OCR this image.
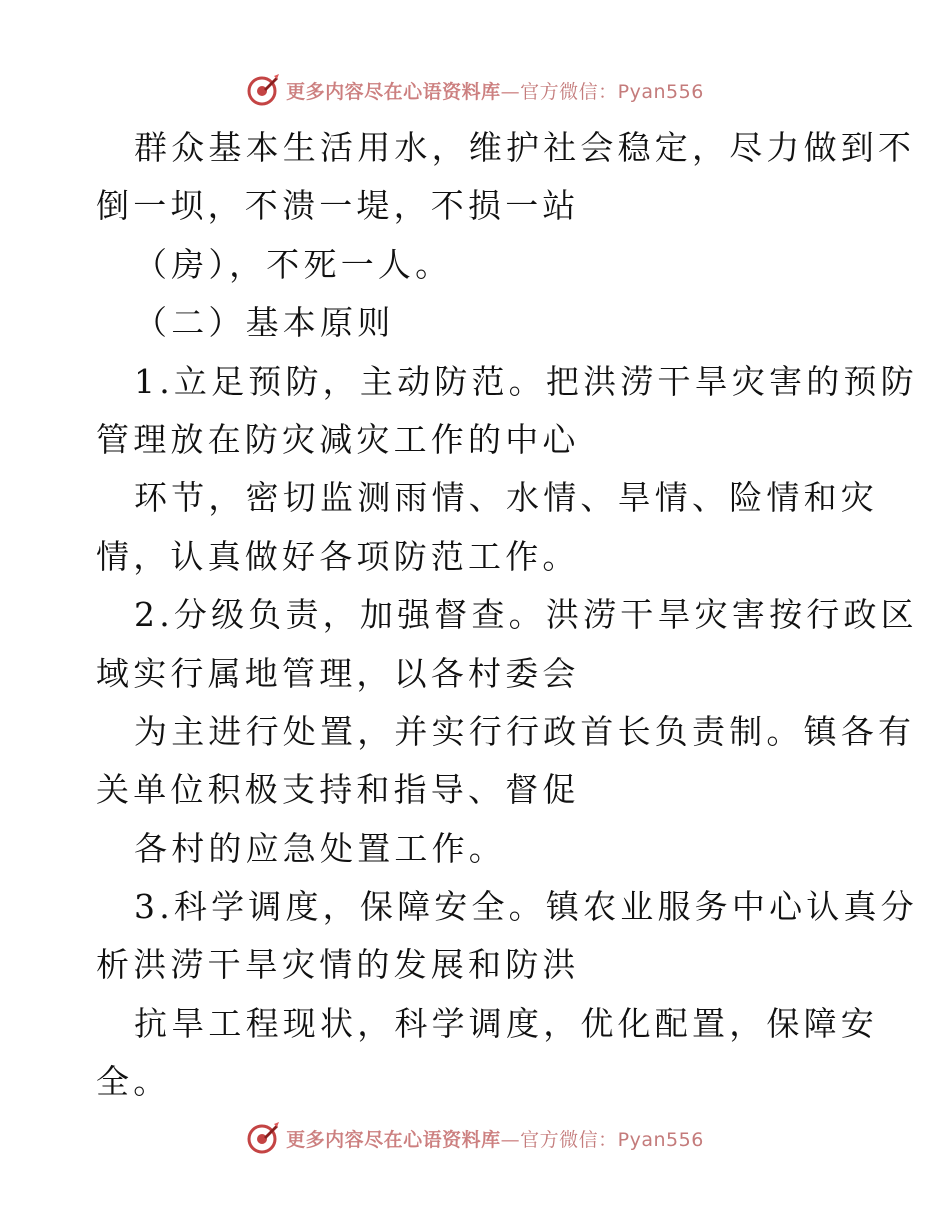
更多内容尽在心语资料库—官方微信：Pyan556
群众基本生活用水，维护社会稳定，尽力做到不
倒一坝，不溃一堤，不损一站
（房），不死一人。
（二）基本原则
1.立足预防，主动防范。把洪涝干旱灾害的预防
管理放在防灾减灾工作的中心
环节，密切监测雨情、水情、旱情、险情和灾
情，认真做好各项防范工作。
2.分级负责，加强督查。洪涝干旱灾害按行政区
域实行属地管理，以各村委会
为主进行处置，并实行行政首长负责制。镇各有
关单位积极支持和指导、督促
各村的应急处置工作。
3.科学调度，保障安全。镇农业服务中心认真分
析洪涝干旱灾情的发展和防洪
抗旱工程现状，科学调度，优化配置，保障安
全。
更多内容尽在心语资料库—官方微信：Pyan556
